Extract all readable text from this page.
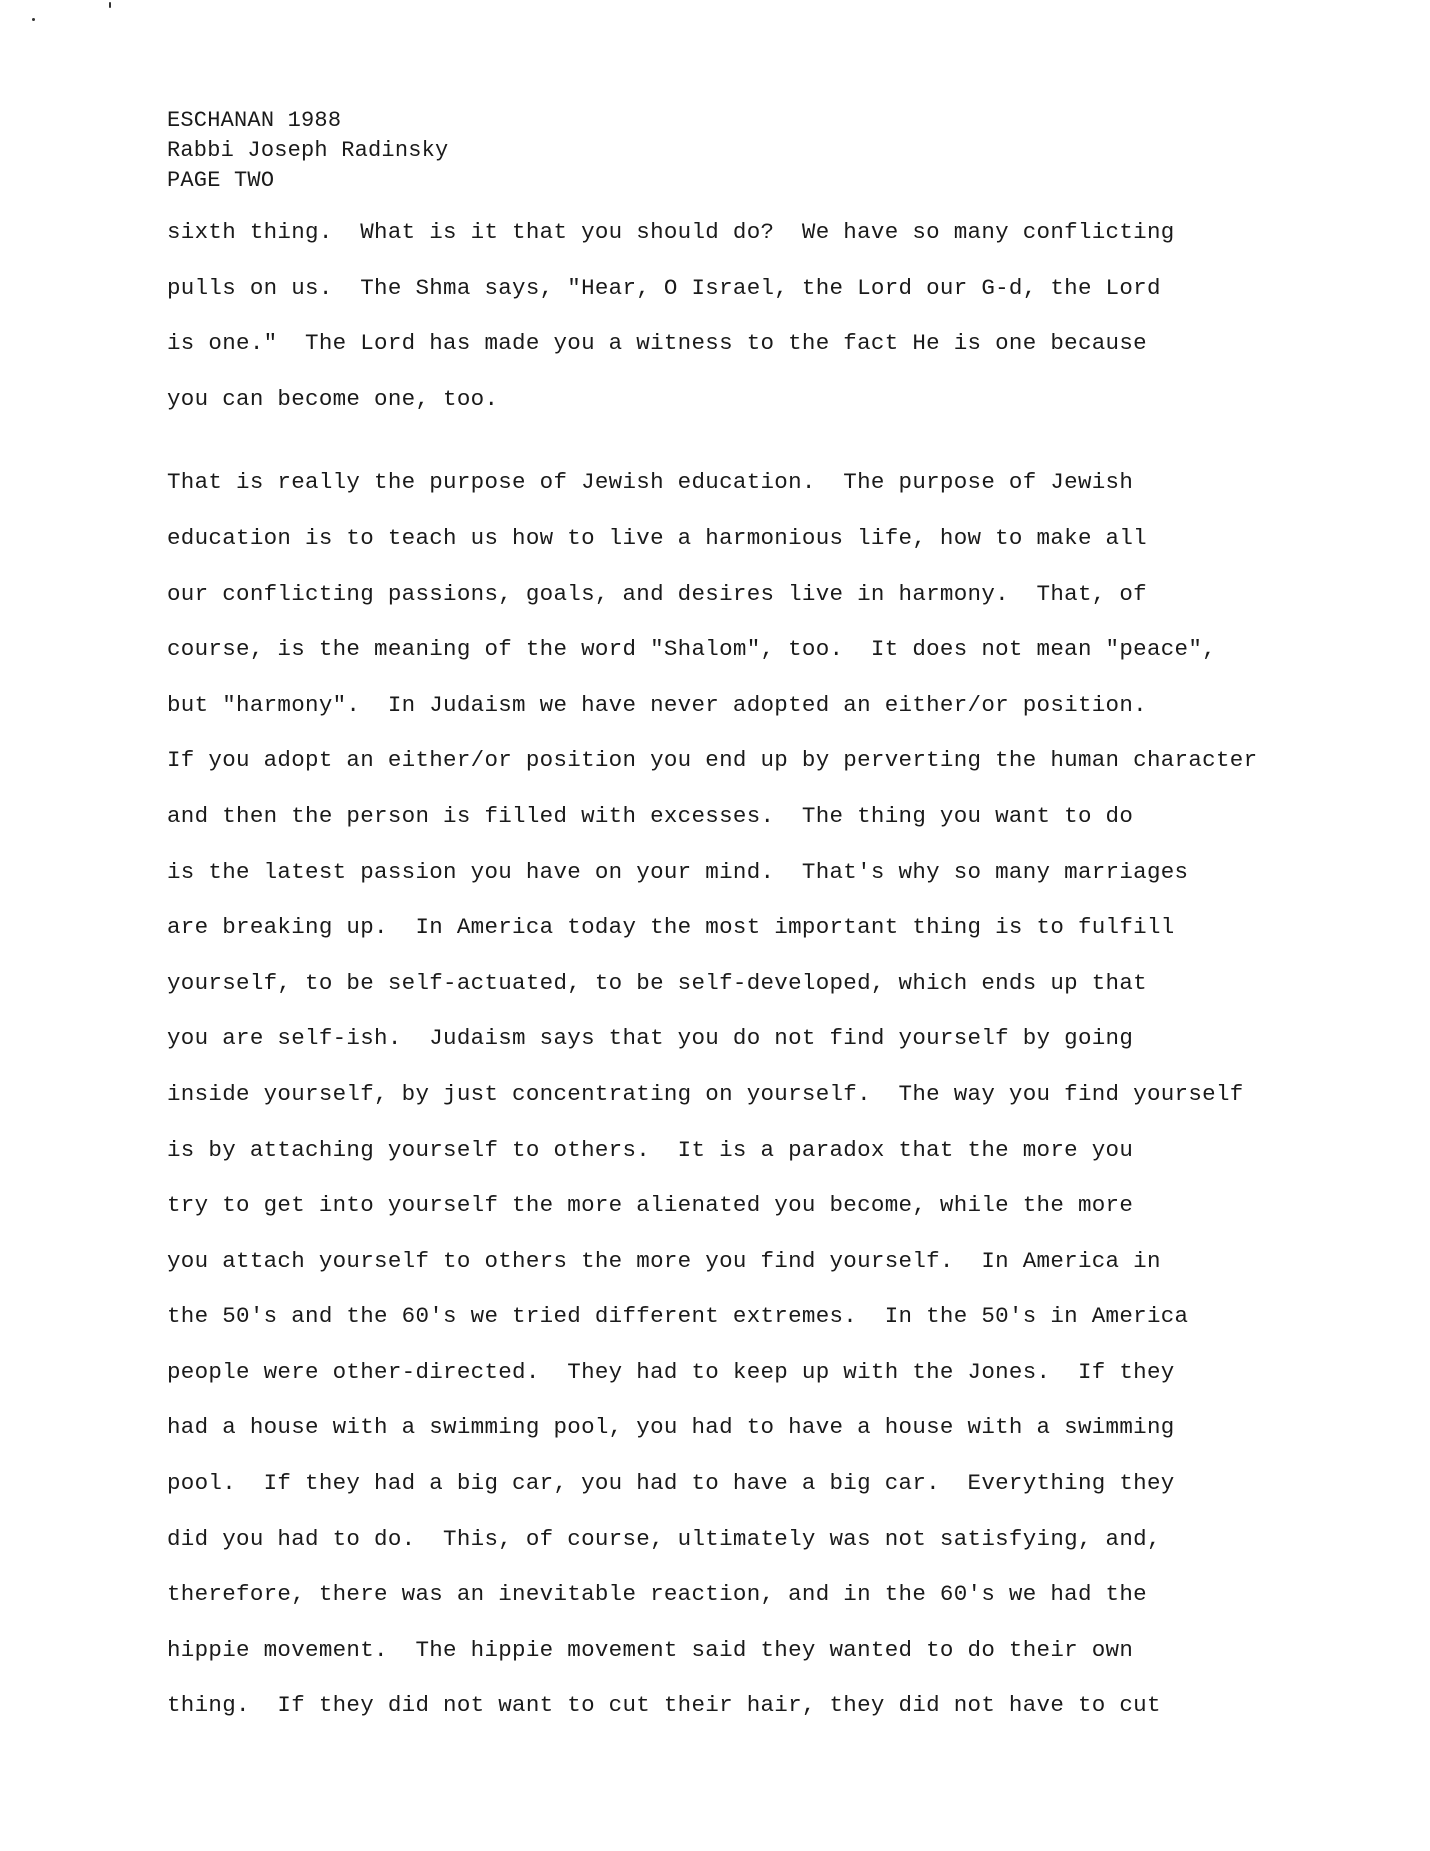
ESCHANAN 1988
Rabbi Joseph Radinsky
PAGE TWO
sixth thing.  What is it that you should do?  We have so many conflicting
pulls on us.  The Shma says, "Hear, O Israel, the Lord our G-d, the Lord
is one."  The Lord has made you a witness to the fact He is one because
you can become one, too.
That is really the purpose of Jewish education.  The purpose of Jewish
education is to teach us how to live a harmonious life, how to make all
our conflicting passions, goals, and desires live in harmony.  That, of
course, is the meaning of the word "Shalom", too.  It does not mean "peace",
but "harmony".  In Judaism we have never adopted an either/or position.
If you adopt an either/or position you end up by perverting the human character
and then the person is filled with excesses.  The thing you want to do
is the latest passion you have on your mind.  That's why so many marriages
are breaking up.  In America today the most important thing is to fulfill
yourself, to be self-actuated, to be self-developed, which ends up that
you are self-ish.  Judaism says that you do not find yourself by going
inside yourself, by just concentrating on yourself.  The way you find yourself
is by attaching yourself to others.  It is a paradox that the more you
try to get into yourself the more alienated you become, while the more
you attach yourself to others the more you find yourself.  In America in
the 50's and the 60's we tried different extremes.  In the 50's in America
people were other-directed.  They had to keep up with the Jones.  If they
had a house with a swimming pool, you had to have a house with a swimming
pool.  If they had a big car, you had to have a big car.  Everything they
did you had to do.  This, of course, ultimately was not satisfying, and,
therefore, there was an inevitable reaction, and in the 60's we had the
hippie movement.  The hippie movement said they wanted to do their own
thing.  If they did not want to cut their hair, they did not have to cut
